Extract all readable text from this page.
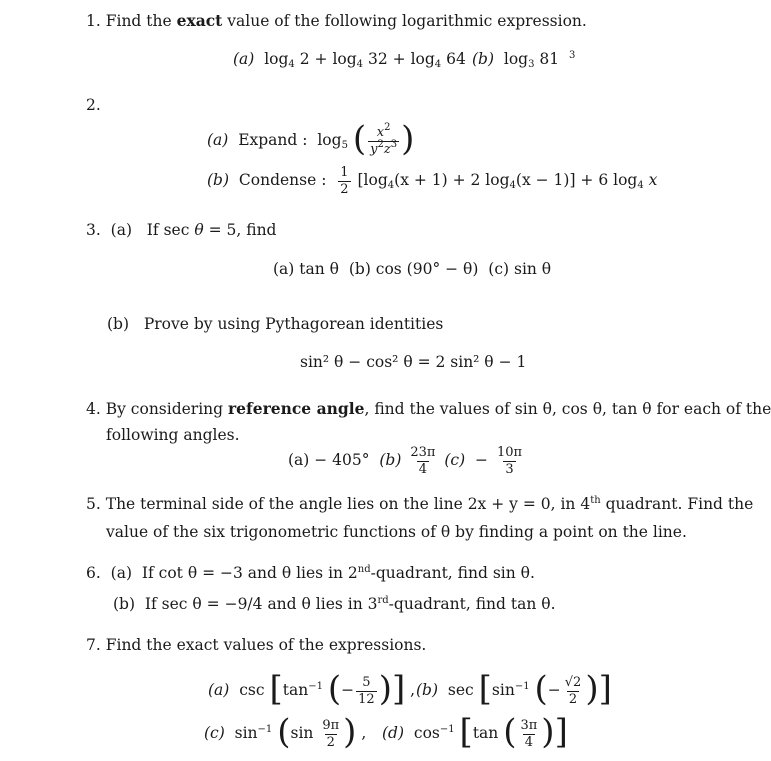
1. Find the exact value of the following logarithmic expression.
(a) $\log_4 2 + \log_4 32 + \log_4 64$ (b) $\log_3 81$ $^3$
2.
(a) Expand : $\log_5$ ( $\frac{x^2}{y^2z^3}$ )
(b) Condense : $\frac{1}{2} [\log_4(x + 1) + 2$ $\log_4(x - 1)] + 6$ $\log_4 x$
3. (a) If sec θ = 5, find
(a) tan θ (b) cos (90° − θ) (c) sin θ
(b) Prove by using Pythagorean identities
sin² θ − cos² θ = 2 sin² θ − 1
4. By considering reference angle, find the values of sin θ, cos θ, tan θ for each of the
following angles.
(a) − 405° $(b) \frac{23\pi}{4} (c) - \frac{10\pi}{3}$
5. The terminal side of the angle lies on the line 2x + y = 0, in 4th quadrant. Find the
value of the six trigonometric functions of θ by finding a point on the line.
6. (a) If cot θ = −3 and θ lies in 2nd-quadrant, find sin θ.
(b) If sec θ = −9/4 and θ lies in 3rd-quadrant, find tan θ.
7. Find the exact values of the expressions.
(a) $\csc [\tan^{-1}$ (− $\frac{5}{12}$ )] , (b) $\sec [\sin^{-1}$ (− $\frac{√2}{2}$ )]
(c) $\sin^{-1} (\sin \frac{9\pi}{2}$ ) , (d) $\cos^{-1} [\tan$ ( $\frac{3\pi}{4}$ )]
